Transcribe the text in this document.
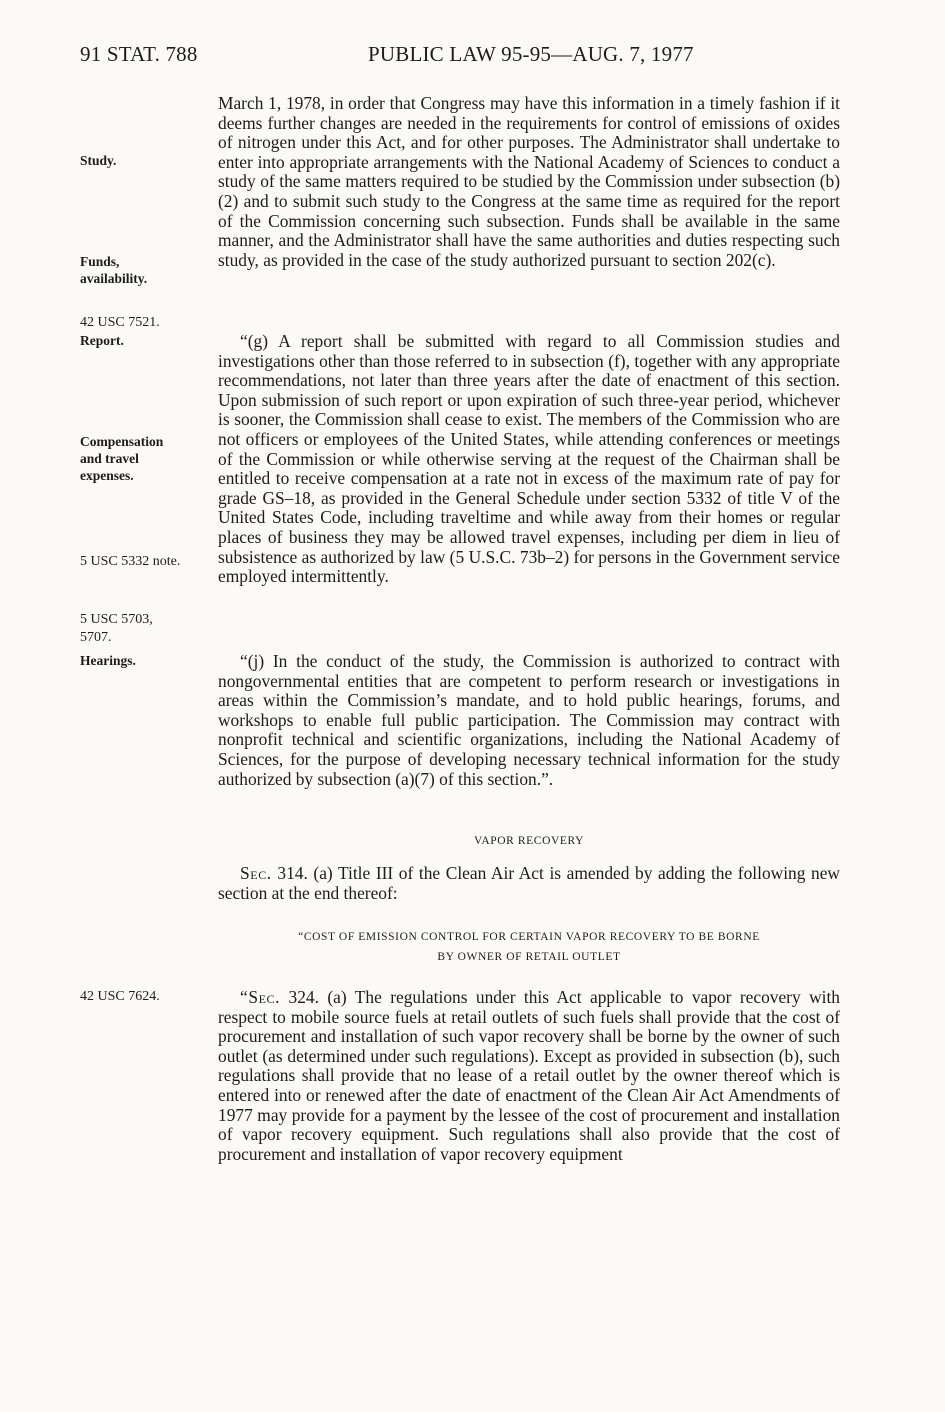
91 STAT. 788	PUBLIC LAW 95-95—AUG. 7, 1977
Study.
Funds,
availability.
42 USC 7521.
Report.
Compensation
and travel
expenses.
5 USC 5332 note.
5 USC 5703,
5707.
Hearings.
42 USC 7624.
March 1, 1978, in order that Congress may have this information in a timely fashion if it deems further changes are needed in the requirements for control of emissions of oxides of nitrogen under this Act, and for other purposes. The Administrator shall undertake to enter into appropriate arrangements with the National Academy of Sciences to conduct a study of the same matters required to be studied by the Commission under subsection (b)(2) and to submit such study to the Congress at the same time as required for the report of the Commission concerning such subsection. Funds shall be available in the same manner, and the Administrator shall have the same authorities and duties respecting such study, as provided in the case of the study authorized pursuant to section 202(c).
“(g) A report shall be submitted with regard to all Commission studies and investigations other than those referred to in subsection (f), together with any appropriate recommendations, not later than three years after the date of enactment of this section. Upon submission of such report or upon expiration of such three-year period, whichever is sooner, the Commission shall cease to exist. The members of the Commission who are not officers or employees of the United States, while attending conferences or meetings of the Commission or while otherwise serving at the request of the Chairman shall be entitled to receive compensation at a rate not in excess of the maximum rate of pay for grade GS–18, as provided in the General Schedule under section 5332 of title V of the United States Code, including traveltime and while away from their homes or regular places of business they may be allowed travel expenses, including per diem in lieu of subsistence as authorized by law (5 U.S.C. 73b–2) for persons in the Government service employed intermittently.
“(j) In the conduct of the study, the Commission is authorized to contract with nongovernmental entities that are competent to perform research or investigations in areas within the Commission’s mandate, and to hold public hearings, forums, and workshops to enable full public participation. The Commission may contract with nonprofit technical and scientific organizations, including the National Academy of Sciences, for the purpose of developing necessary technical information for the study authorized by subsection (a)(7) of this section.”.
VAPOR RECOVERY
Sec. 314. (a) Title III of the Clean Air Act is amended by adding the following new section at the end thereof:
“COST OF EMISSION CONTROL FOR CERTAIN VAPOR RECOVERY TO BE BORNE
BY OWNER OF RETAIL OUTLET
“Sec. 324. (a) The regulations under this Act applicable to vapor recovery with respect to mobile source fuels at retail outlets of such fuels shall provide that the cost of procurement and installation of such vapor recovery shall be borne by the owner of such outlet (as determined under such regulations). Except as provided in subsection (b), such regulations shall provide that no lease of a retail outlet by the owner thereof which is entered into or renewed after the date of enactment of the Clean Air Act Amendments of 1977 may provide for a payment by the lessee of the cost of procurement and installation of vapor recovery equipment. Such regulations shall also provide that the cost of procurement and installation of vapor recovery equipment
